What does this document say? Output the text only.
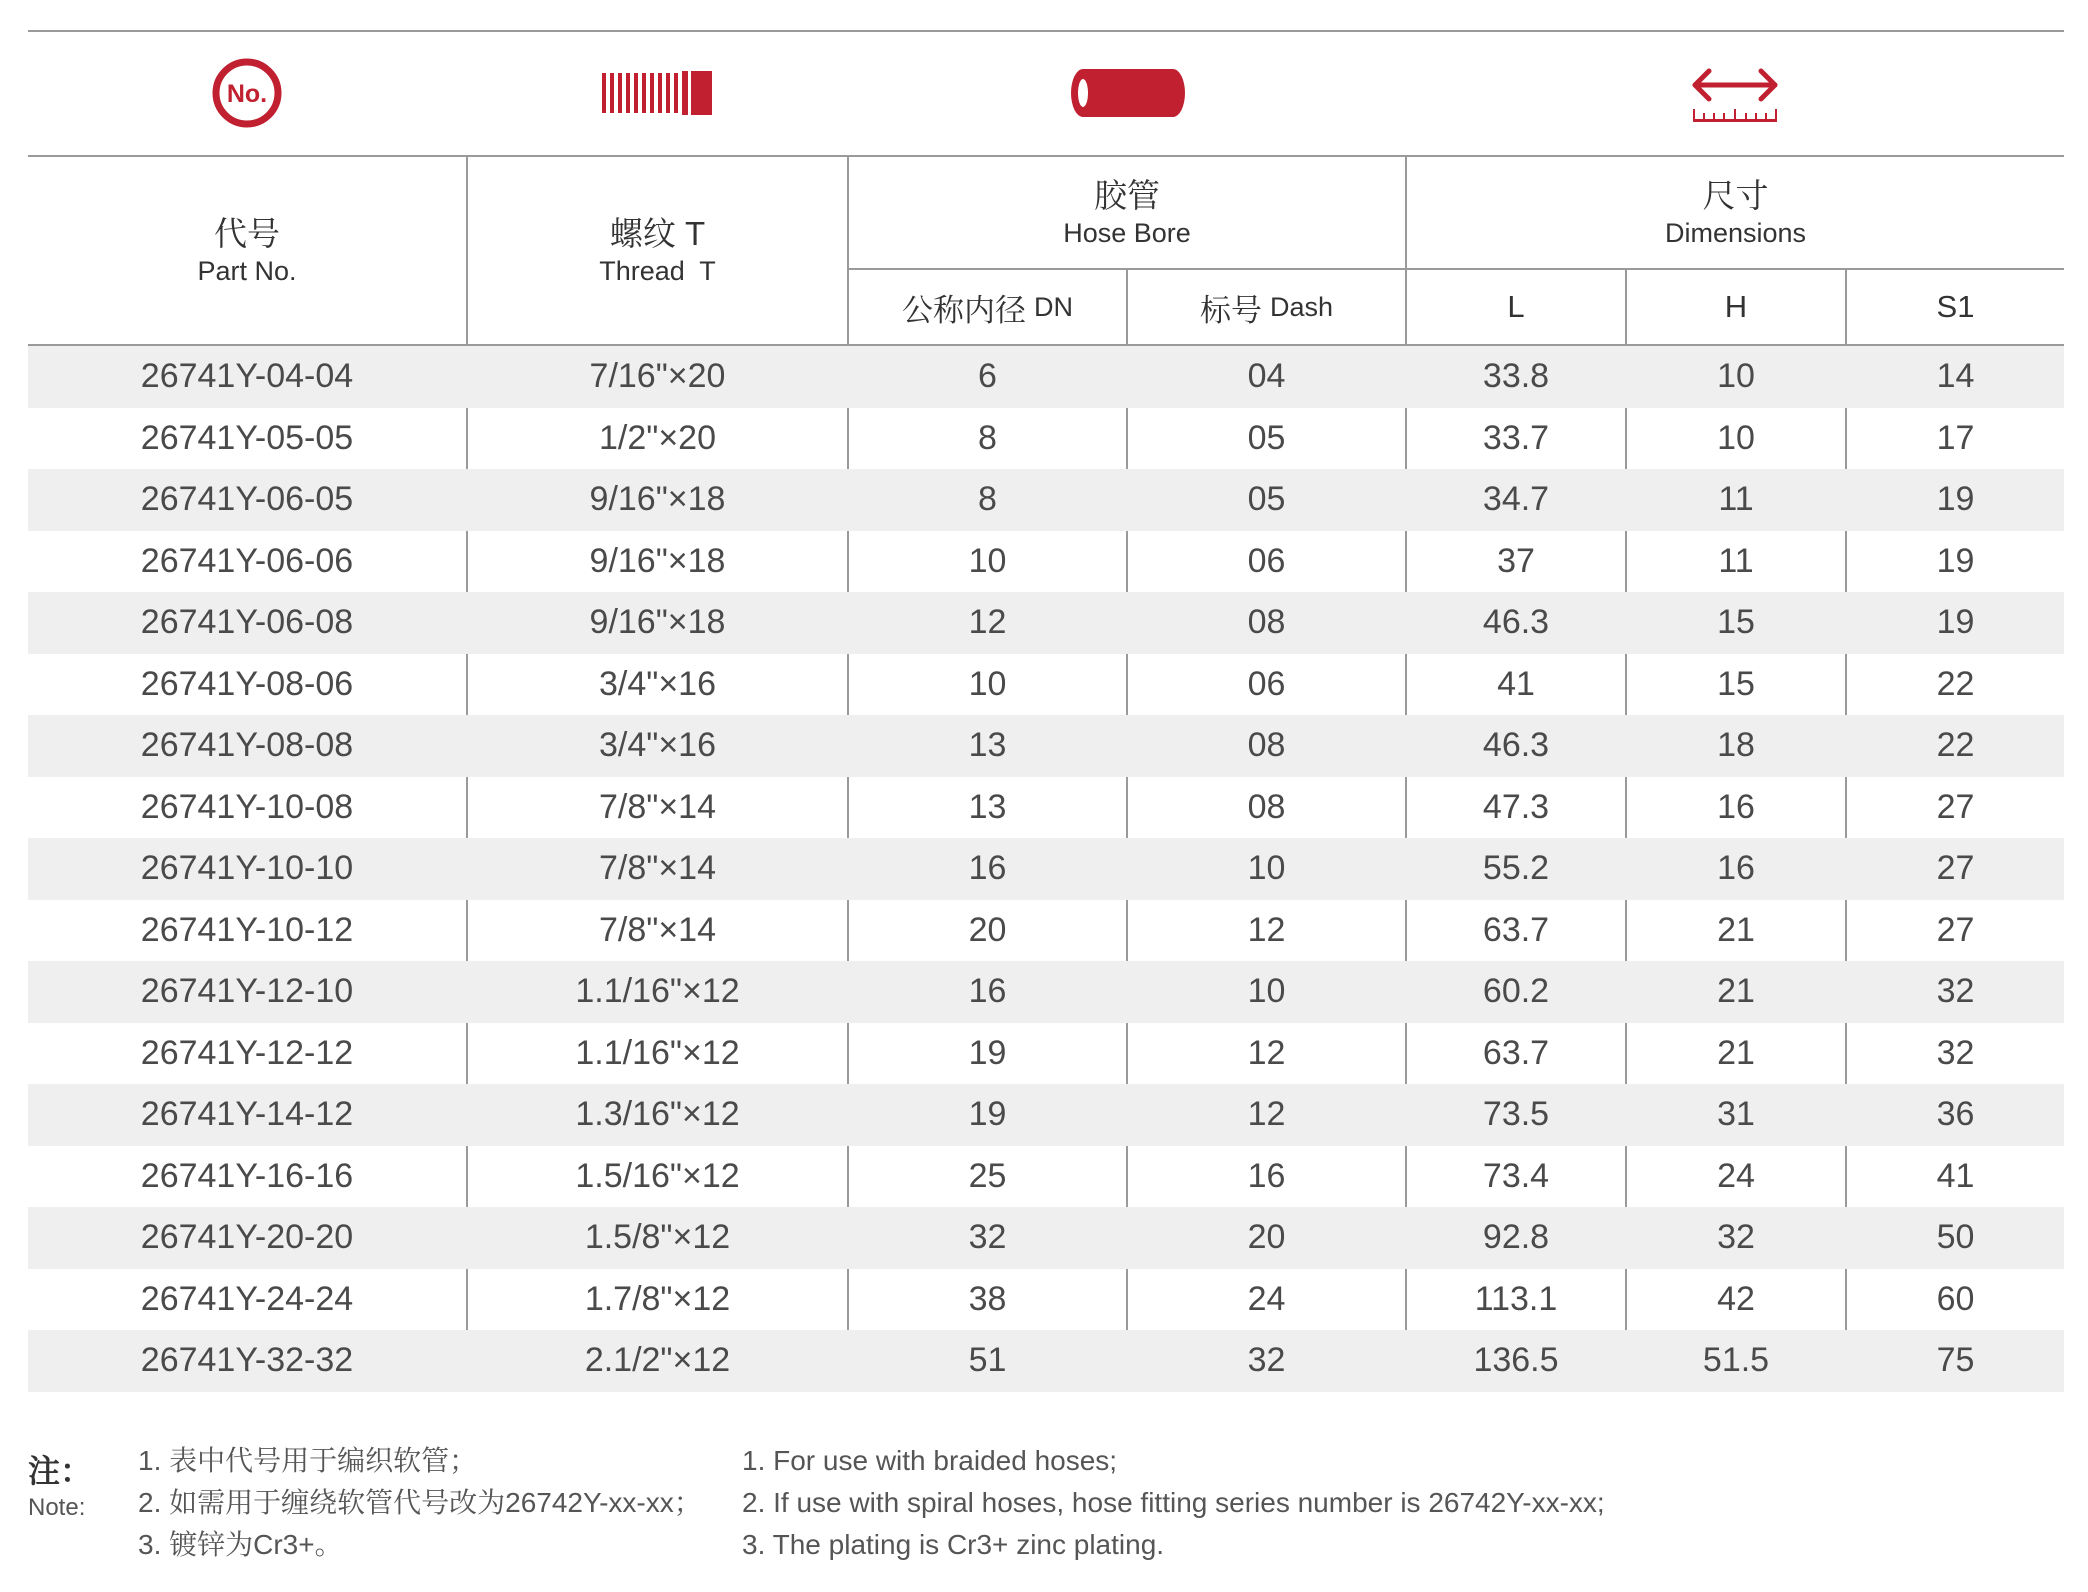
No.
代号
Part No.
螺纹 T
Thread  T
胶管
Hose Bore
尺寸
Dimensions
公称内径 DN	标号 Dash	L	H	S1
26741Y-04-04	7/16"×20	6	04	33.8	10	14
26741Y-05-05	1/2"×20	8	05	33.7	10	17
26741Y-06-05	9/16"×18	8	05	34.7	11	19
26741Y-06-06	9/16"×18	10	06	37	11	19
26741Y-06-08	9/16"×18	12	08	46.3	15	19
26741Y-08-06	3/4"×16	10	06	41	15	22
26741Y-08-08	3/4"×16	13	08	46.3	18	22
26741Y-10-08	7/8"×14	13	08	47.3	16	27
26741Y-10-10	7/8"×14	16	10	55.2	16	27
26741Y-10-12	7/8"×14	20	12	63.7	21	27
26741Y-12-10	1.1/16"×12	16	10	60.2	21	32
26741Y-12-12	1.1/16"×12	19	12	63.7	21	32
26741Y-14-12	1.3/16"×12	19	12	73.5	31	36
26741Y-16-16	1.5/16"×12	25	16	73.4	24	41
26741Y-20-20	1.5/8"×12	32	20	92.8	32	50
26741Y-24-24	1.7/8"×12	38	24	113.1	42	60
26741Y-32-32	2.1/2"×12	51	32	136.5	51.5	75
注：
Note:
1. 表中代号用于编织软管；
2. 如需用于缠绕软管代号改为26742Y-xx-xx；
3. 镀锌为Cr3+。
1. For use with braided hoses;
2. If use with spiral hoses, hose fitting series number is 26742Y-xx-xx;
3. The plating is Cr3+ zinc plating.
